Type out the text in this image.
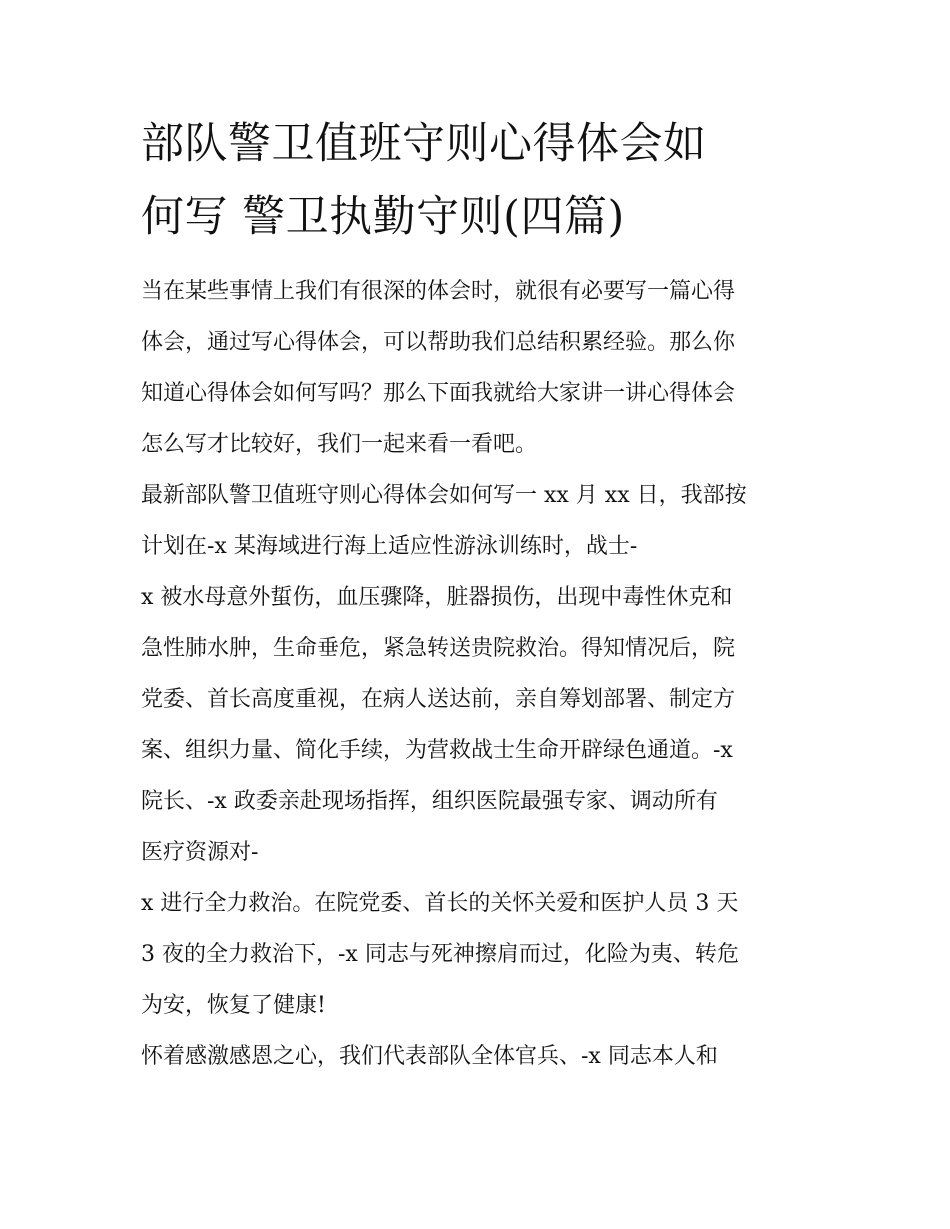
部队警卫值班守则心得体会如
何写 警卫执勤守则(四篇)
当在某些事情上我们有很深的体会时，就很有必要写一篇心得
体会，通过写心得体会，可以帮助我们总结积累经验。那么你
知道心得体会如何写吗？那么下面我就给大家讲一讲心得体会
怎么写才比较好，我们一起来看一看吧。
最新部队警卫值班守则心得体会如何写一 xx 月 xx 日，我部按
计划在-x 某海域进行海上适应性游泳训练时，战士-
x 被水母意外蜇伤，血压骤降，脏器损伤，出现中毒性休克和
急性肺水肿，生命垂危，紧急转送贵院救治。得知情况后，院
党委、首长高度重视，在病人送达前，亲自筹划部署、制定方
案、组织力量、简化手续，为营救战士生命开辟绿色通道。-x
院长、-x 政委亲赴现场指挥，组织医院最强专家、调动所有
医疗资源对-
x 进行全力救治。在院党委、首长的关怀关爱和医护人员 3 天
3 夜的全力救治下，-x 同志与死神擦肩而过，化险为夷、转危
为安，恢复了健康!
怀着感激感恩之心，我们代表部队全体官兵、-x 同志本人和
